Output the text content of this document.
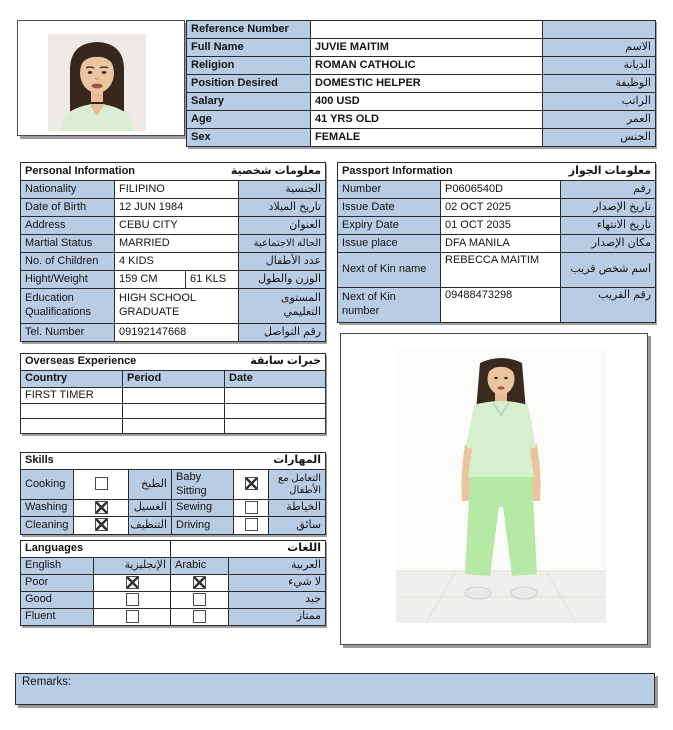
Reference Number		
Full Name	JUVIE MAITIM	الاسم
Religion	ROMAN CATHOLIC	الديانة
Position Desired	DOMESTIC HELPER	الوظيفة
Salary	400 USD	الراتب
Age	41 YRS OLD	العمر
Sex	FEMALE	الجنس
Personal Information معلومات شخصية			

Nationality	FILIPINO		الجنسية
Date of Birth	12 JUN 1984		تاريخ الميلاد
Address	CEBU CITY		العنوان
Martial Status	MARRIED		الحالة الاجتماعية
No. of Children	4 KIDS		عدد الأطفال
Hight/Weight	159 CM	61 KLS	الوزن والطول
Education Qualifications	HIGH SCHOOL GRADUATE		المستوى التعليمي
Tel. Number	09192147668		رقم التواصل
Passport Information معلومات الجواز		

Number	P0606540D	رقم
Issue Date	02 OCT 2025	تاريخ الإصدار
Expiry Date	01 OCT 2035	تاريخ الانتهاء
Issue place	DFA MANILA	مكان الإصدار
Next of Kin name	REBECCA MAITIM	اسم شخص قريب
Next of Kin number	09488473298	رقم القريب
Overseas Experience خبرات سابقة		

Country	Period	Date
FIRST TIMER		

Skills المهارات					

Cooking		الطبخ	Baby Sitting		التعامل مع الأطفال
Washing		الغسيل	Sewing		الخياطة
Cleaning		التنظيف	Driving		سائق
Languages		اللغات	
English	الإنجليزية	Arabic	العربية
Poor			لا شيء
Good			جيد
Fluent			ممتاز
Remarks:
